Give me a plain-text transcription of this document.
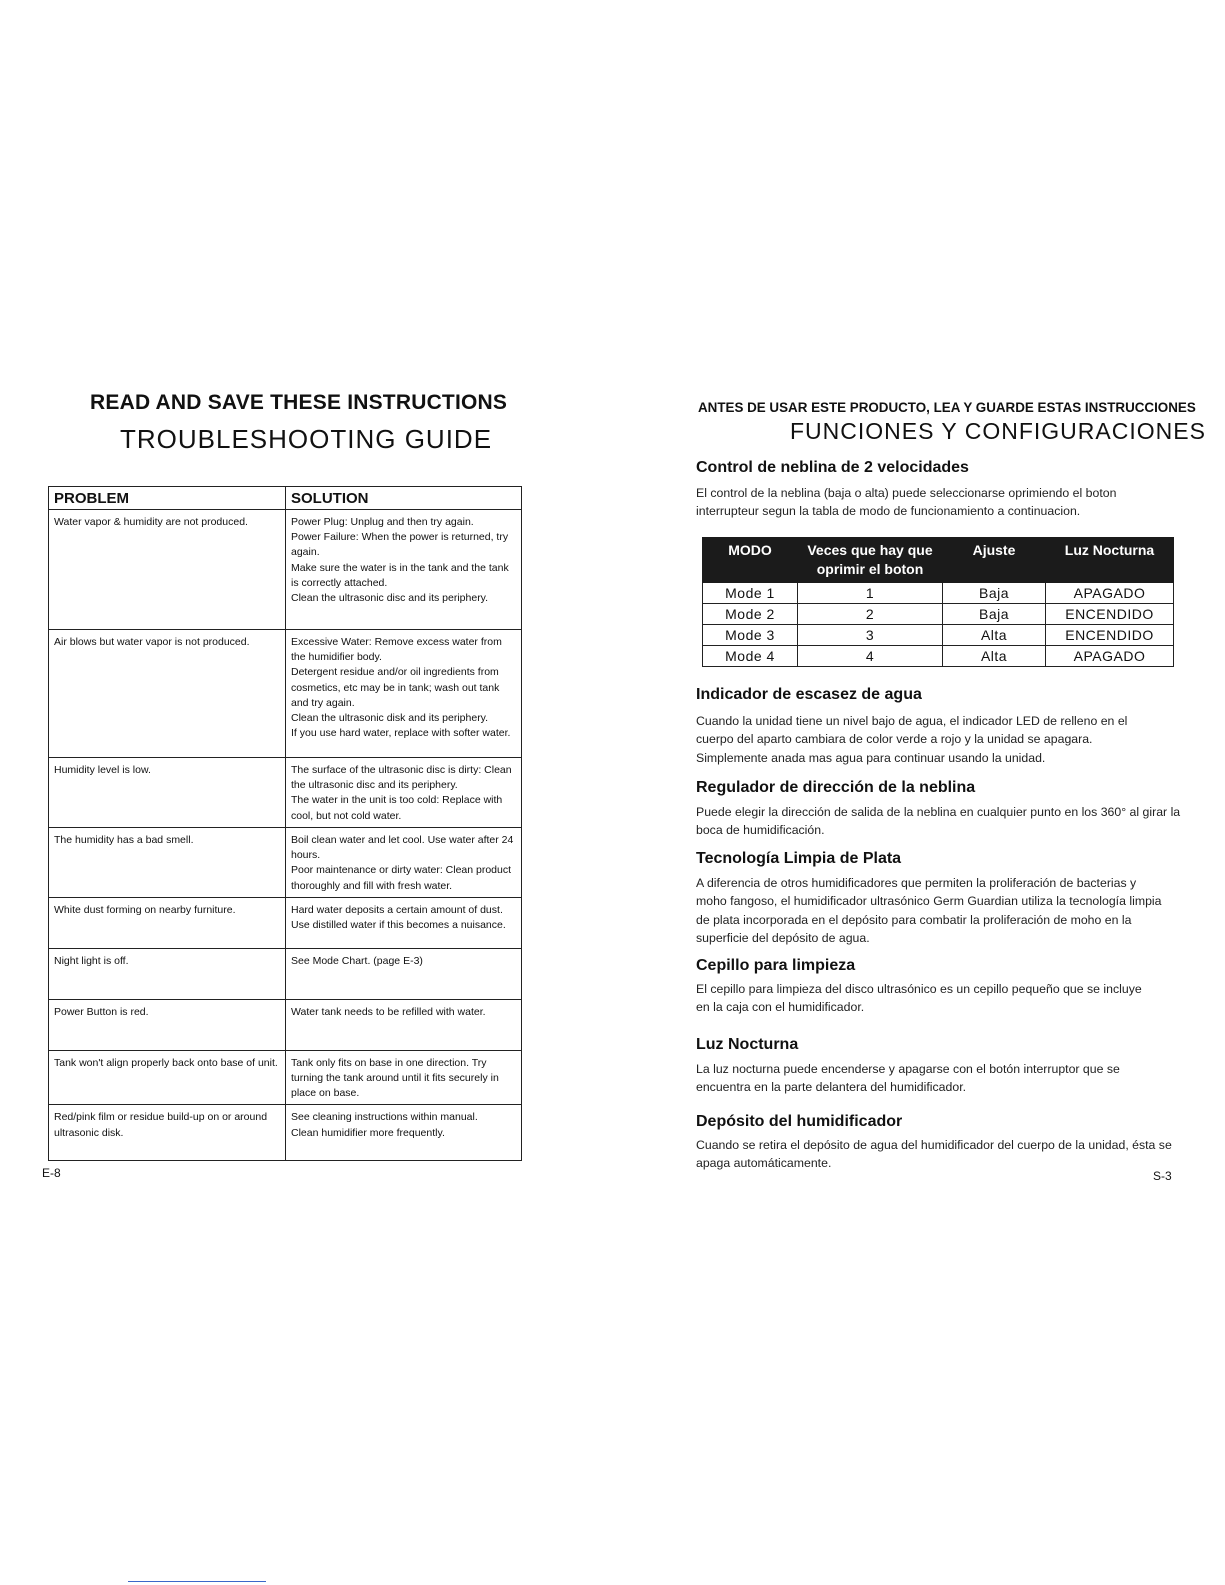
READ AND SAVE THESE INSTRUCTIONS
TROUBLESHOOTING GUIDE
PROBLEM	SOLUTION
Water vapor & humidity are not produced.	Power Plug: Unplug and then try again.
Power Failure: When the power is returned, try again.
Make sure the water is in the tank and the tank is correctly attached.
Clean the ultrasonic disc and its periphery.

Air blows but water vapor is not produced.	Excessive Water: Remove excess water from the humidifier body.
Detergent residue and/or oil ingredients from cosmetics, etc may be in tank; wash out tank and try again.
Clean the ultrasonic disk and its periphery.
If you use hard water, replace with softer water.

Humidity level is low.	The surface of the ultrasonic disc is dirty: Clean the ultrasonic disc and its periphery.
The water in the unit is too cold: Replace with cool, but not cold water.

The humidity has a bad smell.	Boil clean water and let cool. Use water after 24 hours.
Poor maintenance or dirty water: Clean product thoroughly and fill with fresh water.

White dust forming on nearby furniture.	Hard water deposits a certain amount of dust. Use distilled water if this becomes a nuisance.

Night light is off.	See Mode Chart. (page E-3)

Power Button is red.	Water tank needs to be refilled with water.

Tank won't align properly back onto base of unit.	Tank only fits on base in one direction. Try turning the tank around until it fits securely in place on base.

Red/pink film or residue build-up on or around ultrasonic disk.	See cleaning instructions within manual.
Clean humidifier more frequently.
E-8
ANTES DE USAR ESTE PRODUCTO, LEA Y GUARDE ESTAS INSTRUCCIONES
FUNCIONES Y CONFIGURACIONES
Control de neblina de 2 velocidades
El control de la neblina (baja o alta) puede seleccionarse oprimiendo el boton interrupteur segun la tabla de modo de funcionamiento a continuacion.
MODO	Veces que hay que oprimir el boton	Ajuste	Luz Nocturna
Mode 1	1	Baja	APAGADO
Mode 2	2	Baja	ENCENDIDO
Mode 3	3	Alta	ENCENDIDO
Mode 4	4	Alta	APAGADO
Indicador de escasez de agua
Cuando la unidad tiene un nivel bajo de agua, el indicador LED de relleno en el cuerpo del aparto cambiara de color verde a rojo y la unidad se apagara. Simplemente anada mas agua para continuar usando la unidad.
Regulador de dirección de la neblina
Puede elegir la dirección de salida de la neblina en cualquier punto en los 360° al girar la boca de humidificación.
Tecnología Limpia de Plata
A diferencia de otros humidificadores que permiten la proliferación de bacterias y moho fangoso, el humidificador ultrasónico Germ Guardian utiliza la tecnología limpia de plata incorporada en el depósito para combatir la proliferación de moho en la superficie del depósito de agua.
Cepillo para limpieza
El cepillo para limpieza del disco ultrasónico es un cepillo pequeño que se incluye en la caja con el humidificador.
Luz Nocturna
La luz nocturna puede encenderse y apagarse con el botón interruptor que se encuentra en la parte delantera del humidificador.
Depósito del humidificador
Cuando se retira el depósito de agua del humidificador del cuerpo de la unidad, ésta se apaga automáticamente.
S-3
